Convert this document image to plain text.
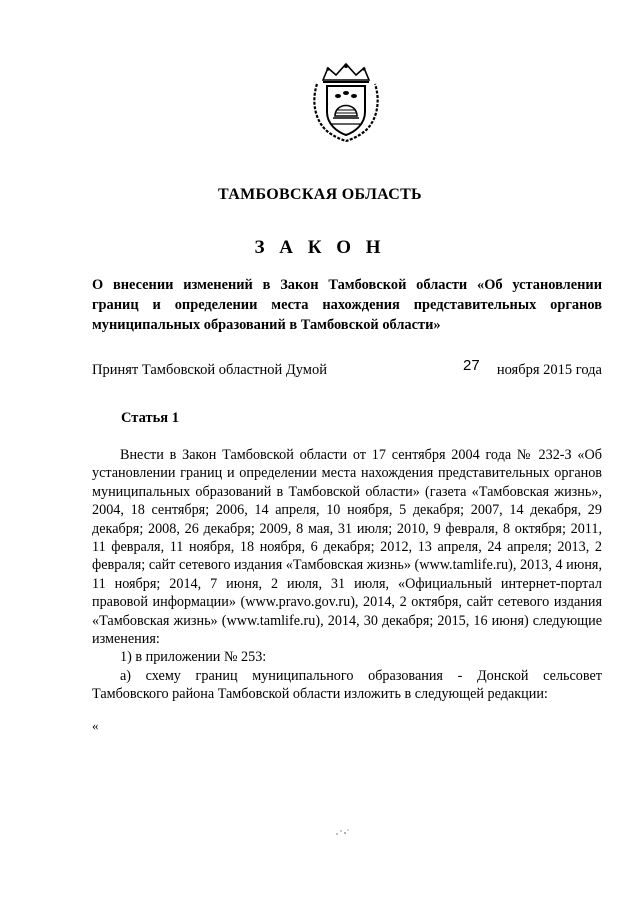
ТАМБОВСКАЯ ОБЛАСТЬ
З А К О Н
О внесении изменений в Закон Тамбовской области «Об установлении границ и определении места нахождения представительных органов муниципальных образований в Тамбовской области»
Принят Тамбовской областной Думой	27 ноября 2015 года
Статья 1

Внести в Закон Тамбовской области от 17 сентября 2004 года № 232-З «Об установлении границ и определении места нахождения представительных органов муниципальных образований в Тамбовской области» (газета «Тамбовская жизнь», 2004, 18 сентября; 2006, 14 апреля, 10 ноября, 5 декабря; 2007, 14 декабря, 29 декабря; 2008, 26 декабря; 2009, 8 мая, 31 июля; 2010, 9 февраля, 8 октября; 2011, 11 февраля, 11 ноября, 18 ноября, 6 декабря; 2012, 13 апреля, 24 апреля; 2013, 2 февраля; сайт сетевого издания «Тамбовская жизнь» (www.tamlife.ru), 2013, 4 июня, 11 ноября; 2014, 7 июня, 2 июля, 31 июля, «Официальный интернет-портал правовой информации» (www.pravo.gov.ru), 2014, 2 октября, сайт сетевого издания «Тамбовская жизнь» (www.tamlife.ru), 2014, 30 декабря; 2015, 16 июня) следующие изменения:

1) в приложении № 253:

а) схему границ муниципального образования - Донской сельсовет Тамбовского района Тамбовской области изложить в следующей редакции:

«
